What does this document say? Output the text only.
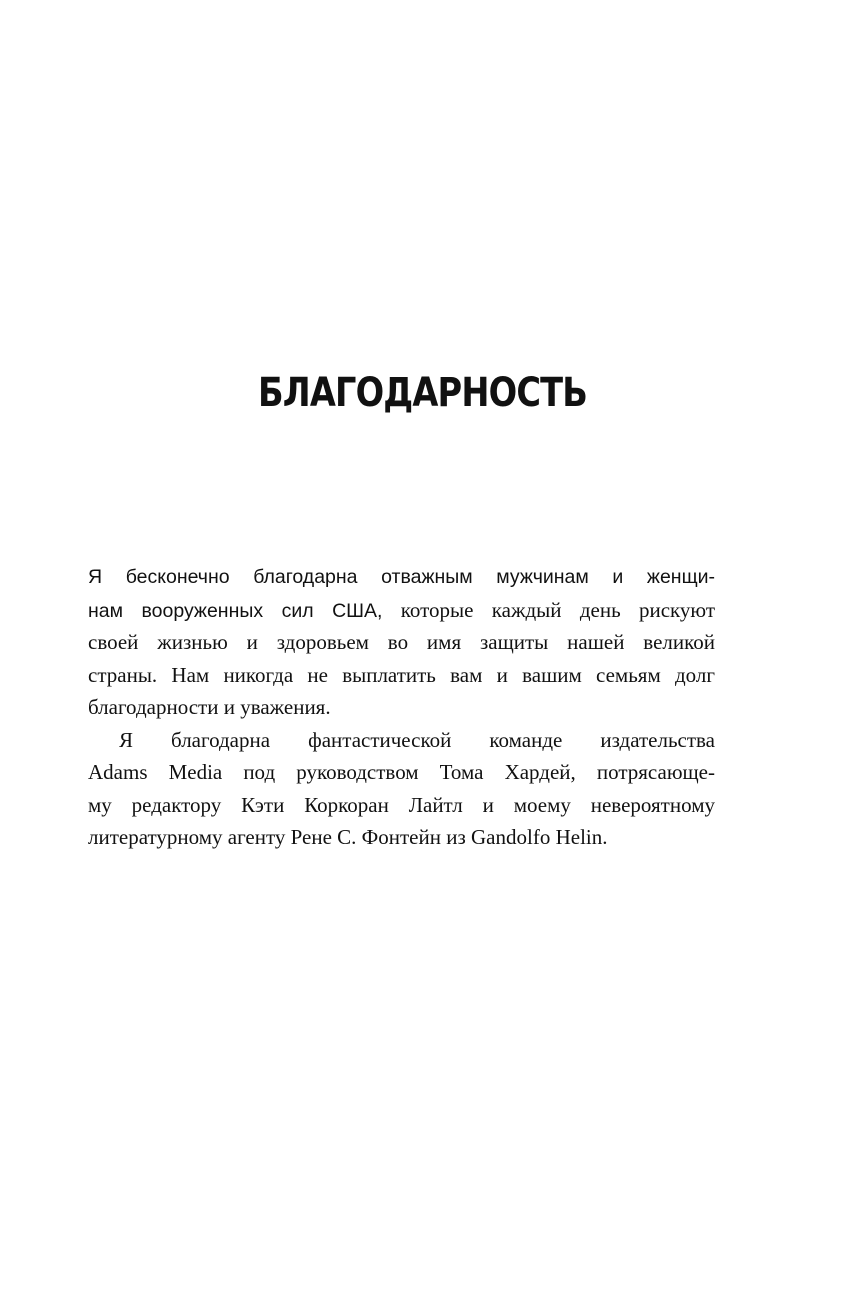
БЛАГОДАРНОСТЬ
Я бесконечно благодарна отважным мужчинам и женщи-
нам вооруженных сил США, которые каждый день рискуют
своей жизнью и здоровьем во имя защиты нашей великой
страны. Нам никогда не выплатить вам и вашим семьям долг
благодарности и уважения.
Я благодарна фантастической команде издательства
Adams Media под руководством Тома Хардей, потрясающе-
му редактору Кэти Коркоран Лайтл и моему невероятному
литературному агенту Рене С. Фонтейн из Gandolfo Helin.
